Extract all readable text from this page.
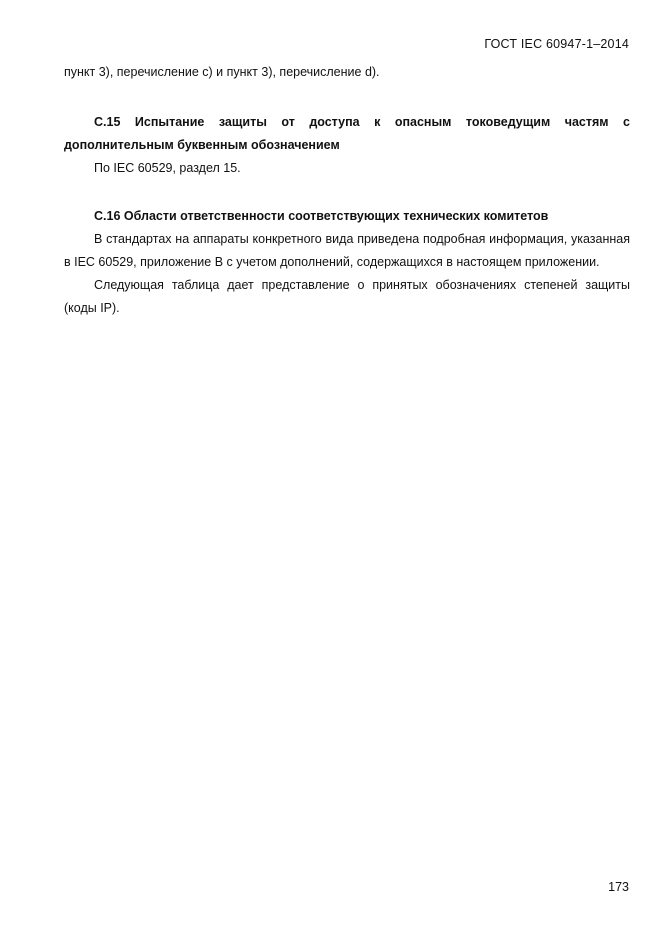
ГОСТ IEC 60947-1–2014

пункт 3), перечисление c) и пункт 3), перечисление d).

С.15 Испытание защиты от доступа к опасным токоведущим частям с дополнительным буквенным обозначением

По IEC 60529, раздел 15.

С.16 Области ответственности соответствующих технических комитетов

В стандартах на аппараты конкретного вида приведена подробная информация, указанная в IEC 60529, приложение В с учетом дополнений, содержащихся в настоящем приложении.

Следующая таблица дает представление о принятых обозначениях степеней защиты (коды IP).

173
